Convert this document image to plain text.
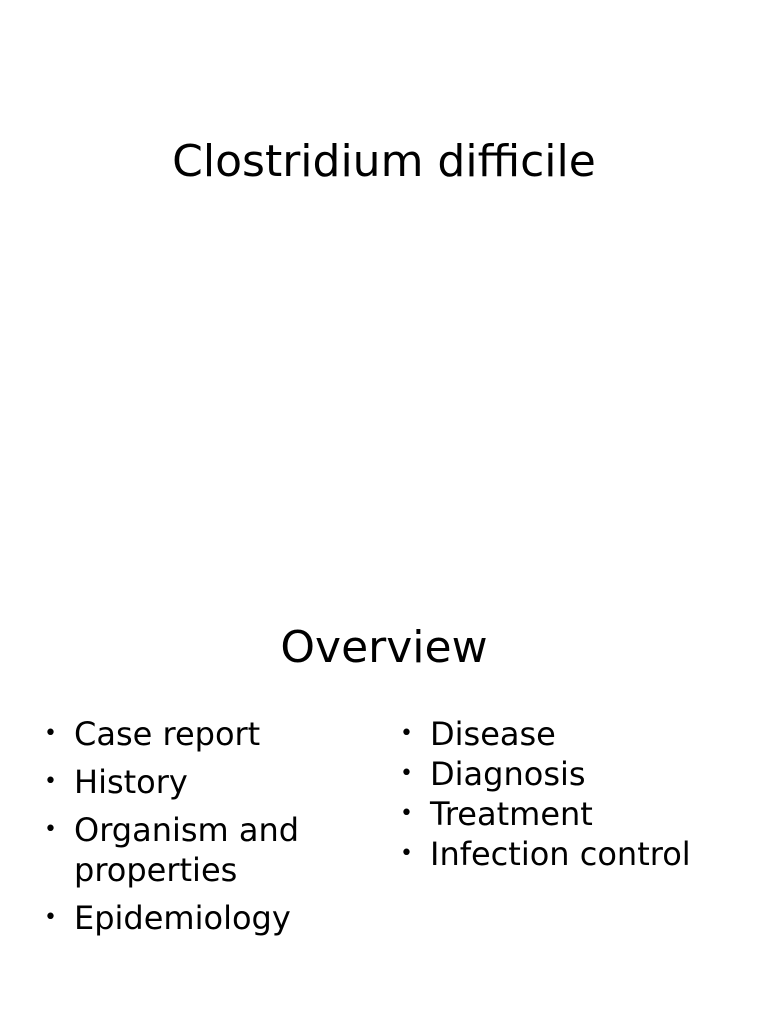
Clostridium difficile
Overview
• Case report
• History
• Organism and properties
• Epidemiology
• Disease
• Diagnosis
• Treatment
• Infection control
